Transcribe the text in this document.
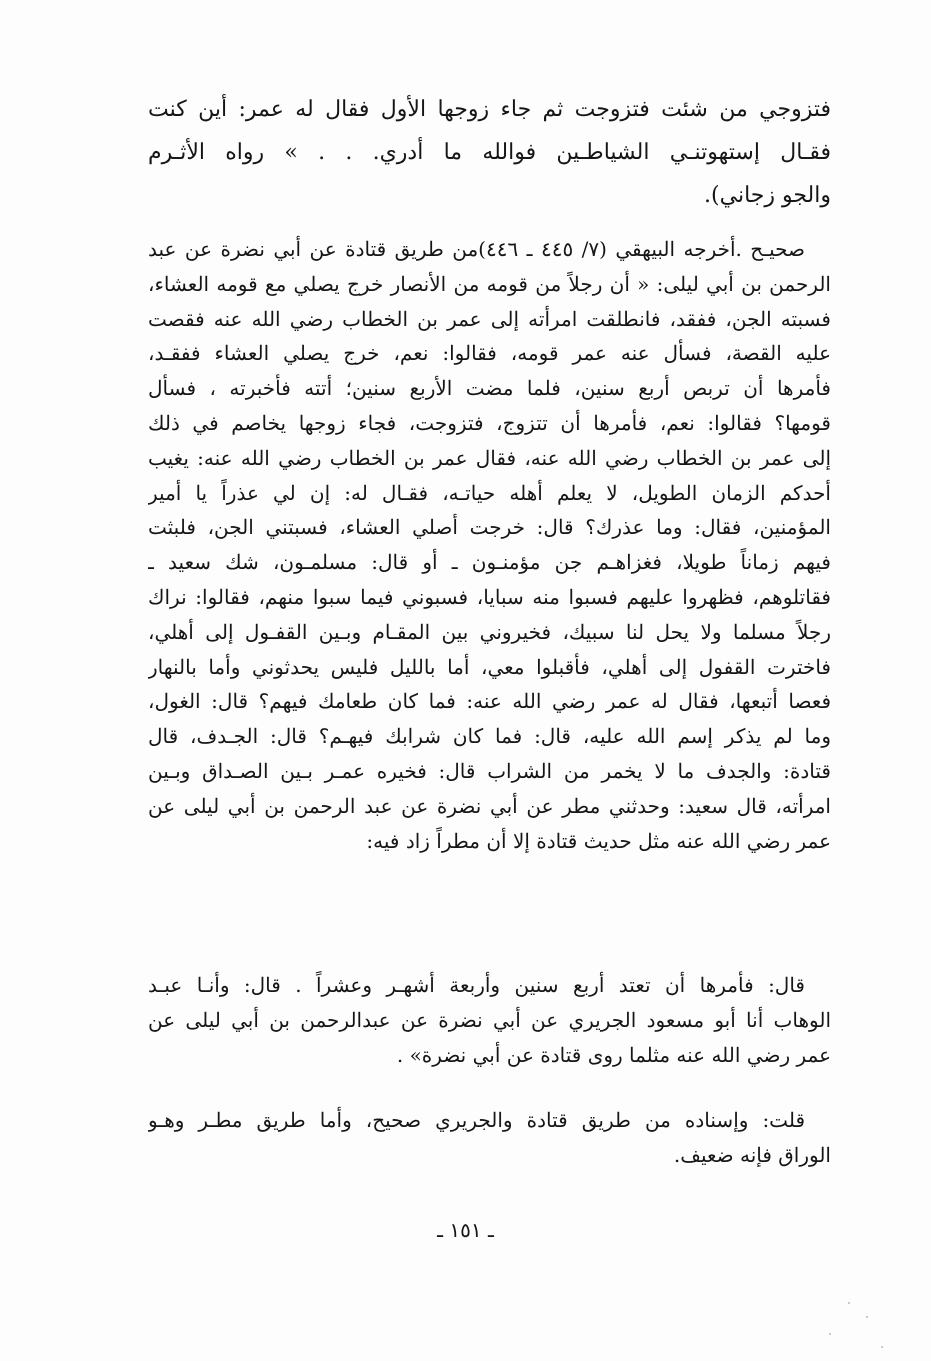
فتزوجي من شئت فتزوجت ثم جاء زوجها الأول فقال له عمر: أين كنت
فقـال إستهوتنـي الشياطـين فوالله ما أدري. . . » رواه الأثـرم
والجو زجاني).
صحيـح .أخرجه البيهقي (٧/ ٤٤٥ ـ ٤٤٦)من طريق قتادة عن أبي نضرة عن عبد
الرحمن بن أبي ليلى: « أن رجلاً من قومه من الأنصار خرج يصلي مع قومه العشاء،
فسبته الجن، ففقد، فانطلقت امرأته إلى عمر بن الخطاب رضي الله عنه فقصت
عليه القصة، فسأل عنه عمر قومه، فقالوا: نعم، خرج يصلي العشاء ففقـد،
فأمرها أن تربص أربع سنين، فلما مضت الأربع سنين؛ أتته فأخبرته ، فسأل
قومها؟ فقالوا: نعم، فأمرها أن تتزوج، فتزوجت، فجاء زوجها يخاصم في ذلك
إلى عمر بن الخطاب رضي الله عنه، فقال عمر بن الخطاب رضي الله عنه: يغيب
أحدكم الزمان الطويل، لا يعلم أهله حياتـه، فقـال له: إن لي عذراً يا أمير
المؤمنين، فقال: وما عذرك؟ قال: خرجت أصلي العشاء، فسبتني الجن، فلبثت
فيهم زماناً طويلا، فغزاهـم جن مؤمنـون ـ أو قال: مسلمـون، شك سعيد ـ
فقاتلوهم، فظهروا عليهم فسبوا منه سبايا، فسبوني فيما سبوا منهم، فقالوا: نراك
رجلاً مسلما ولا يحل لنا سبيك، فخيروني بين المقـام وبـين القفـول إلى أهلي،
فاخترت القفول إلى أهلي، فأقبلوا معي، أما بالليل فليس يحدثوني وأما بالنهار
فعصا أتبعها، فقال له عمر رضي الله عنه: فما كان طعامك فيهم؟ قال: الغول،
وما لم يذكر إسم الله عليه، قال: فما كان شرابك فيهـم؟ قال: الجـدف، قال
قتادة: والجدف ما لا يخمر من الشراب قال: فخيره عمـر بـين الصـداق وبـين
امرأته، قال سعيد: وحدثني مطر عن أبي نضرة عن عبد الرحمن بن أبي ليلى عن
عمر رضي الله عنه مثل حديث قتادة إلا أن مطراً زاد فيه:
قال: فأمرها أن تعتد أربع سنين وأربعة أشهـر وعشراً . قال: وأنـا عبـد
الوهاب أنا أبو مسعود الجريري عن أبي نضرة عن عبدالرحمن بن أبي ليلى عن
عمر رضي الله عنه مثلما روى قتادة عن أبي نضرة» .
قلت: وإسناده من طريق قتادة والجريري صحيح، وأما طريق مطـر وهـو
الوراق فإنه ضعيف.
ـ ١٥١ ـ
